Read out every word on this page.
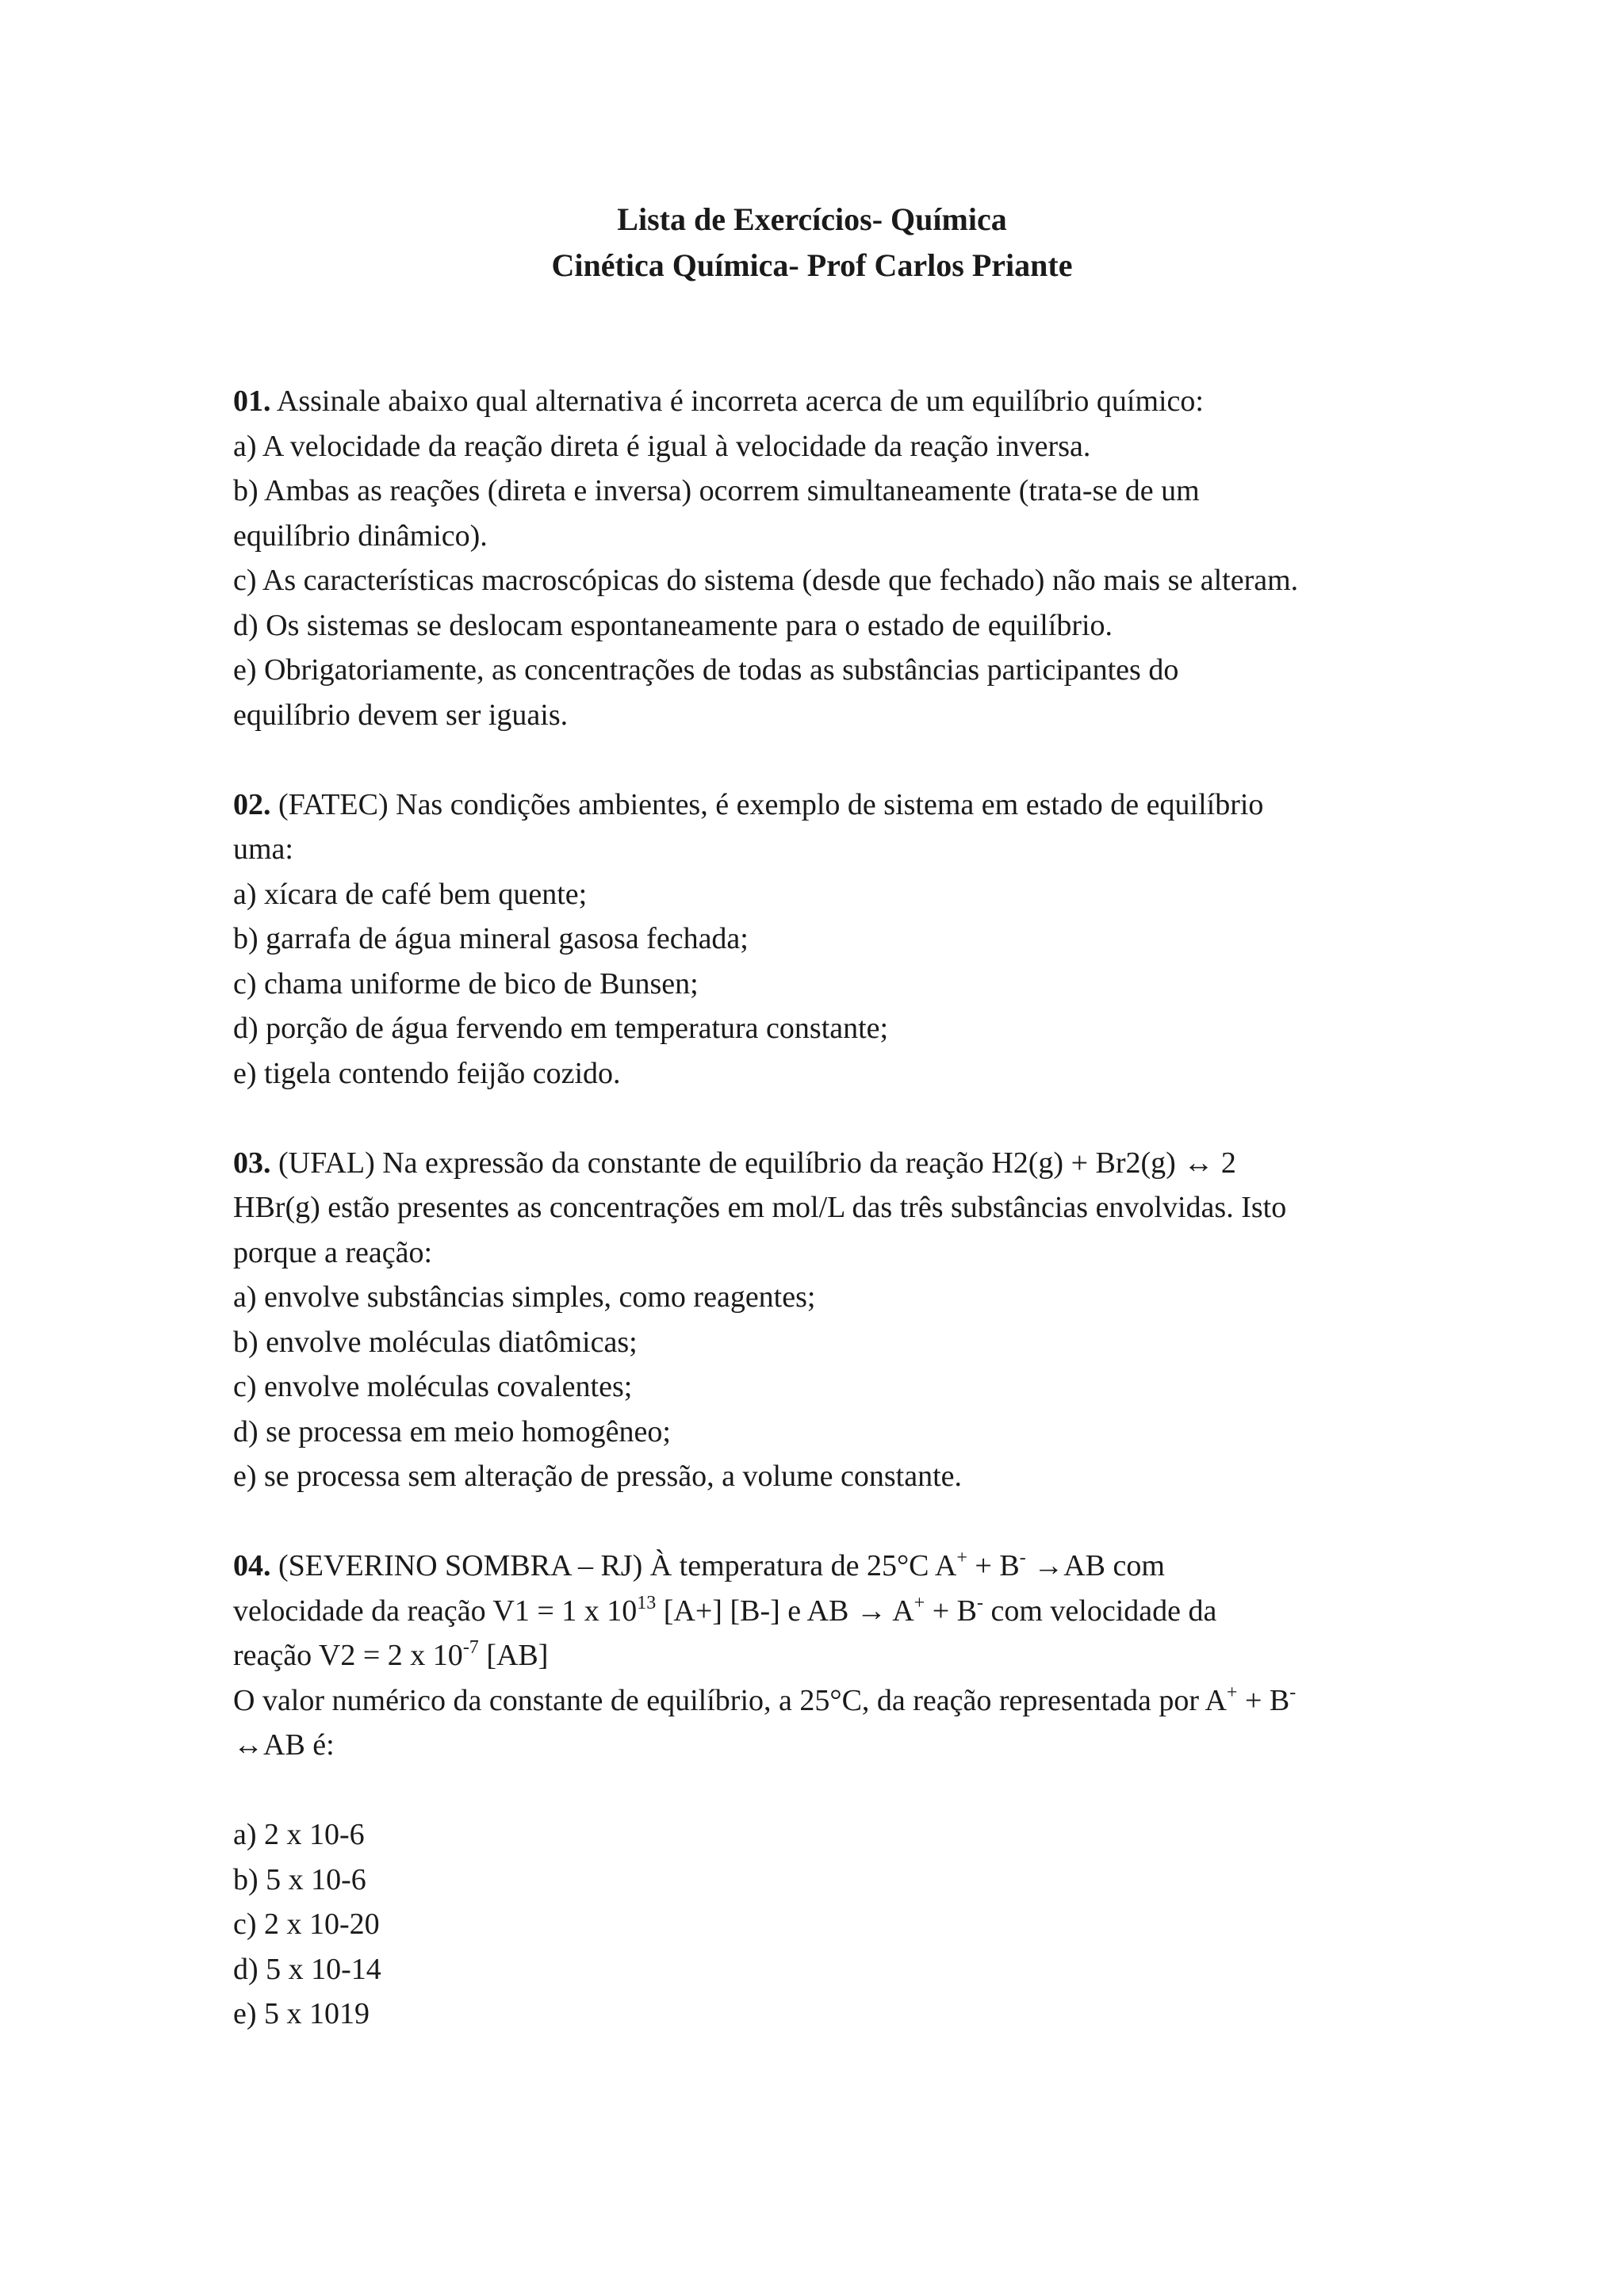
Lista de Exercícios- Química
Cinética Química- Prof Carlos Priante
01. Assinale abaixo qual alternativa é incorreta acerca de um equilíbrio químico:
a) A velocidade da reação direta é igual à velocidade da reação inversa.
b) Ambas as reações (direta e inversa) ocorrem simultaneamente (trata-se de um
equilíbrio dinâmico).
c) As características macroscópicas do sistema (desde que fechado) não mais se alteram.
d) Os sistemas se deslocam espontaneamente para o estado de equilíbrio.
e) Obrigatoriamente, as concentrações de todas as substâncias participantes do
equilíbrio devem ser iguais.
02. (FATEC) Nas condições ambientes, é exemplo de sistema em estado de equilíbrio
uma:
a) xícara de café bem quente;
b) garrafa de água mineral gasosa fechada;
c) chama uniforme de bico de Bunsen;
d) porção de água fervendo em temperatura constante;
e) tigela contendo feijão cozido.
03. (UFAL) Na expressão da constante de equilíbrio da reação H2(g) + Br2(g) ↔ 2
HBr(g) estão presentes as concentrações em mol/L das três substâncias envolvidas. Isto
porque a reação:
a) envolve substâncias simples, como reagentes;
b) envolve moléculas diatômicas;
c) envolve moléculas covalentes;
d) se processa em meio homogêneo;
e) se processa sem alteração de pressão, a volume constante.
04. (SEVERINO SOMBRA – RJ) À temperatura de 25°C A+ + B- →AB com
velocidade da reação V1 = 1 x $10^{13}$ [A+] [B-] e AB → A+ + B- com velocidade da
reação V2 = 2 x $10^{-7}$ [AB]
O valor numérico da constante de equilíbrio, a 25°C, da reação representada por A+ + B-
↔AB é:
a) 2 x 10-6
b) 5 x 10-6
c) 2 x 10-20
d) 5 x 10-14
e) 5 x 1019
